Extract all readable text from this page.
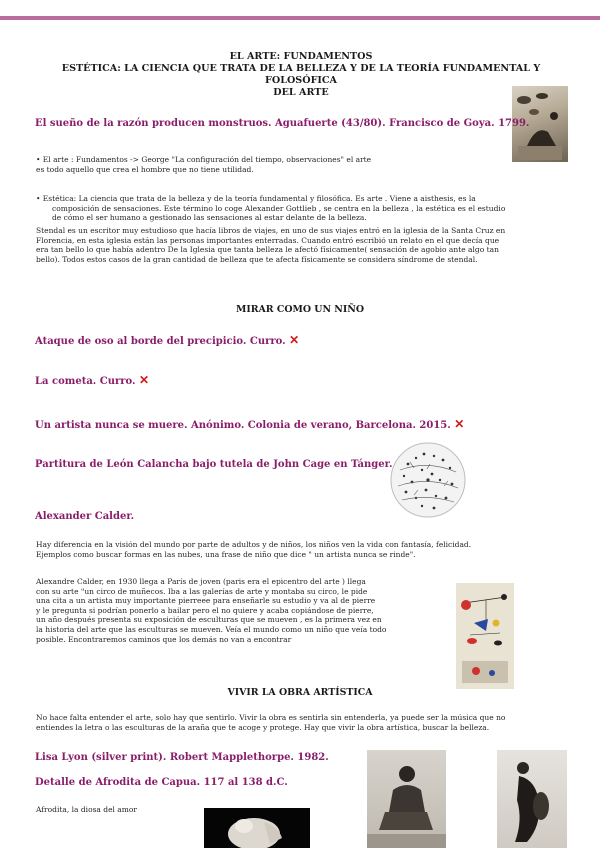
EL ARTE: FUNDAMENTOS
ESTÉTICA: LA CIENCIA QUE TRATA DE LA BELLEZA Y DE LA TEORÍA FUNDAMENTAL Y FOLOSÓFICA
DEL ARTE
El sueño de la razón producen monstruos. Aguafuerte (43/80). Francisco de Goya. 1799.

• El arte : Fundamentos -> George "La configuración del tiempo, observaciones" el arte

es todo aquello que crea el hombre que no tiene utilidad.

• Estética: La ciencia que trata de la belleza y de la teoría fundamental y filosófica. Es arte . Viene a aisthesis, es la

composición de sensaciones. Este término lo coge Alexander Gottlieb , se centra en la belleza , la estética es el estudio

de cómo el ser humano a gestionado las sensaciones al estar delante de la belleza.

Stendal es un escritor muy estudioso que hacía libros de viajes, en uno de sus viajes entró en la iglesia de la Santa Cruz en

Florencia, en esta iglesia están las personas importantes enterradas. Cuando entró escribió un relato en el que decía que

era tan bello lo que había adentro De la Iglesia que tanta belleza le afectó físicamente( sensación de agobio ante algo tan

bello). Todos estos casos de la gran cantidad de belleza que te afecta físicamente se considera síndrome de stendal.

MIRAR COMO UN NIÑO
Ataque de oso al borde del precipicio. Curro. ✕
La cometa. Curro. ✕
Un artista nunca se muere. Anónimo. Colonia de verano, Barcelona. 2015. ✕
Partitura de León Calancha bajo tutela de John Cage en Tánger.
Alexander Calder.

Hay diferencia en la visión del mundo por parte de adultos y de niños, los niños ven la vida con fantasía, felicidad.

Ejemplos como buscar formas en las nubes, una frase de niño que dice " un artista nunca se rinde".

Alexandre Calder, en 1930 llega a París de joven (paris era el epicentro del arte ) llega

con su arte "un circo de muñecos. Iba a las galerías de arte y montaba su circo, le pide

una cita a un artista muy importante pierreee para enseñarle su estudio y va al de pierre

y le pregunta si podrían ponerlo a bailar pero el no quiere y acaba copiándose de pierre,

un año después presenta su exposición de esculturas que se mueven , es la primera vez en

la historia del arte que las esculturas se mueven. Veía el mundo como un niño que veía todo

posible. Encontraremos caminos que los demás no van a encontrar

VIVIR LA OBRA ARTÍSTICA

No hace falta entender el arte, solo hay que sentirlo. Vivir la obra es sentirla sin entenderla, ya puede ser la música que no

entiendes la letra o las esculturas de la araña que te acoge y protege. Hay que vivir la obra artística, buscar la belleza.

Lisa Lyon (silver print). Robert Mapplethorpe. 1982.
Detalle de Afrodita de Capua. 117 al 138 d.C.
Afrodita, la diosa del amor
